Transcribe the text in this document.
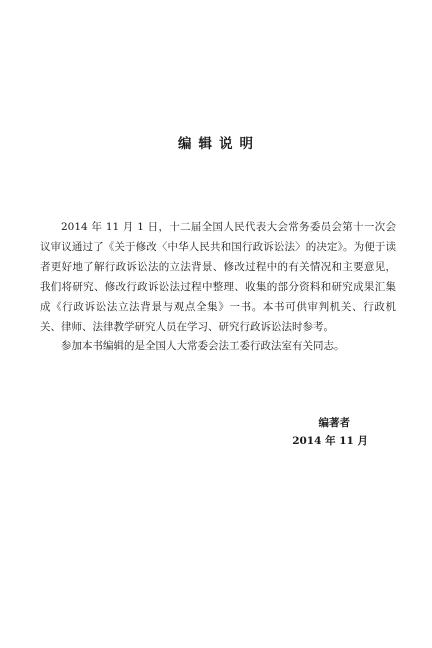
编辑说明

2014 年 11 月 1 日，十二届全国人民代表大会常务委员会第十一次会议审议通过了《关于修改〈中华人民共和国行政诉讼法〉的决定》。为便于读者更好地了解行政诉讼法的立法背景、修改过程中的有关情况和主要意见，我们将研究、修改行政诉讼法过程中整理、收集的部分资料和研究成果汇集成《行政诉讼法立法背景与观点全集》一书。本书可供审判机关、行政机关、律师、法律教学研究人员在学习、研究行政诉讼法时参考。

参加本书编辑的是全国人大常委会法工委行政法室有关同志。

编著者
2014 年 11 月
